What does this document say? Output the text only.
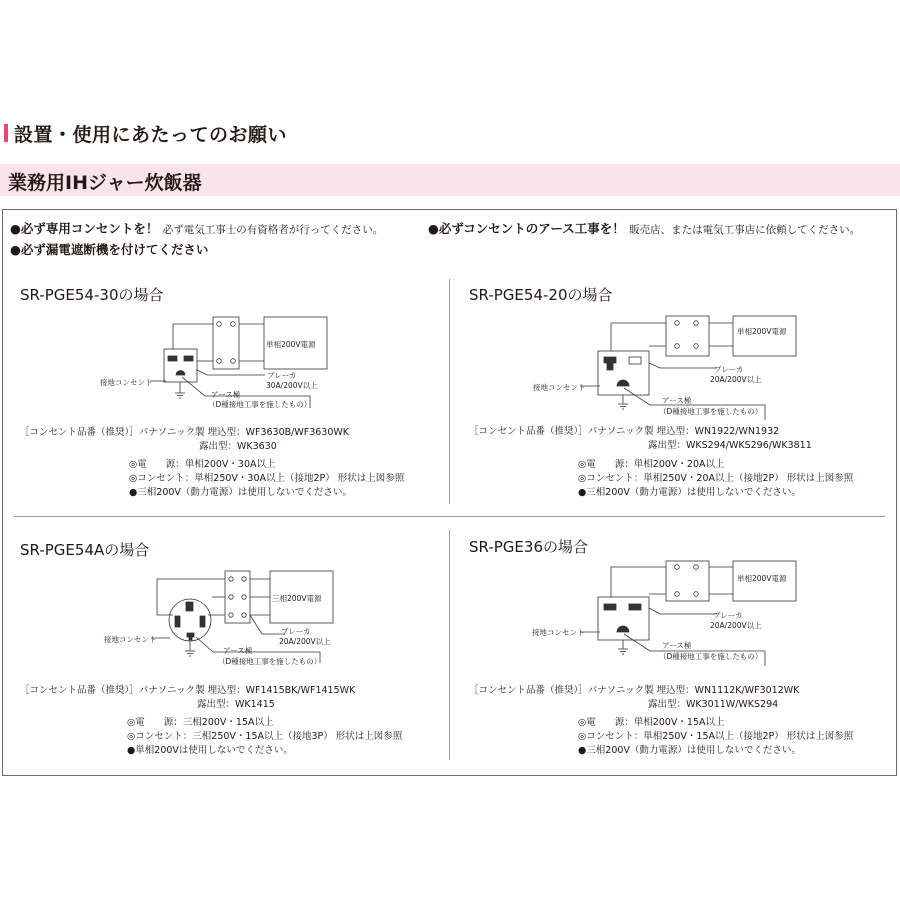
設置・使用にあたってのお願い
業務用IHジャー炊飯器
●必ず専用コンセントを！ 必ず電気工事士の有資格者が行ってください。
●必ず漏電遮断機を付けてください
●必ずコンセントのアース工事を！ 販売店、または電気工事店に依頼してください。
SR-PGE54-30の場合
単相200V電源
ブレーカ
30A/200V以上
接地コンセント
アース極
（D種接地工事を施したもの）
［コンセント品番（推奨）］パナソニック製 埋込型：WF3630B/WF3630WK
露出型：WK3630
◎電　　源：単相200V・30A以上
◎コンセント：単相250V・30A以上（接地2P） 形状は上図参照
●三相200V（動力電源）は使用しないでください。
SR-PGE54-20の場合
単相200V電源
ブレーカ
20A/200V以上
接地コンセント
アース極
（D種接地工事を施したもの）
［コンセント品番（推奨）］パナソニック製 埋込型：WN1922/WN1932
露出型：WKS294/WKS296/WK3811
◎電　　源：単相200V・20A以上
◎コンセント：単相250V・20A以上（接地2P） 形状は上図参照
●三相200V（動力電源）は使用しないでください。
SR-PGE54Aの場合
三相200V電源
ブレーカ
20A/200V以上
接地コンセント
アース極
（D種接地工事を施したもの）
［コンセント品番（推奨）］パナソニック製 埋込型：WF1415BK/WF1415WK
露出型：WK1415
◎電　　源：三相200V・15A以上
◎コンセント：三相250V・15A以上（接地3P） 形状は上図参照
●単相200Vは使用しないでください。
SR-PGE36の場合
単相200V電源
ブレーカ
20A/200V以上
接地コンセント
アース極
（D種接地工事を施したもの）
［コンセント品番（推奨）］パナソニック製 埋込型：WN1112K/WF3012WK
露出型：WK3011W/WKS294
◎電　　源：単相200V・15A以上
◎コンセント：単相250V・15A以上（接地2P） 形状は上図参照
●三相200V（動力電源）は使用しないでください。
